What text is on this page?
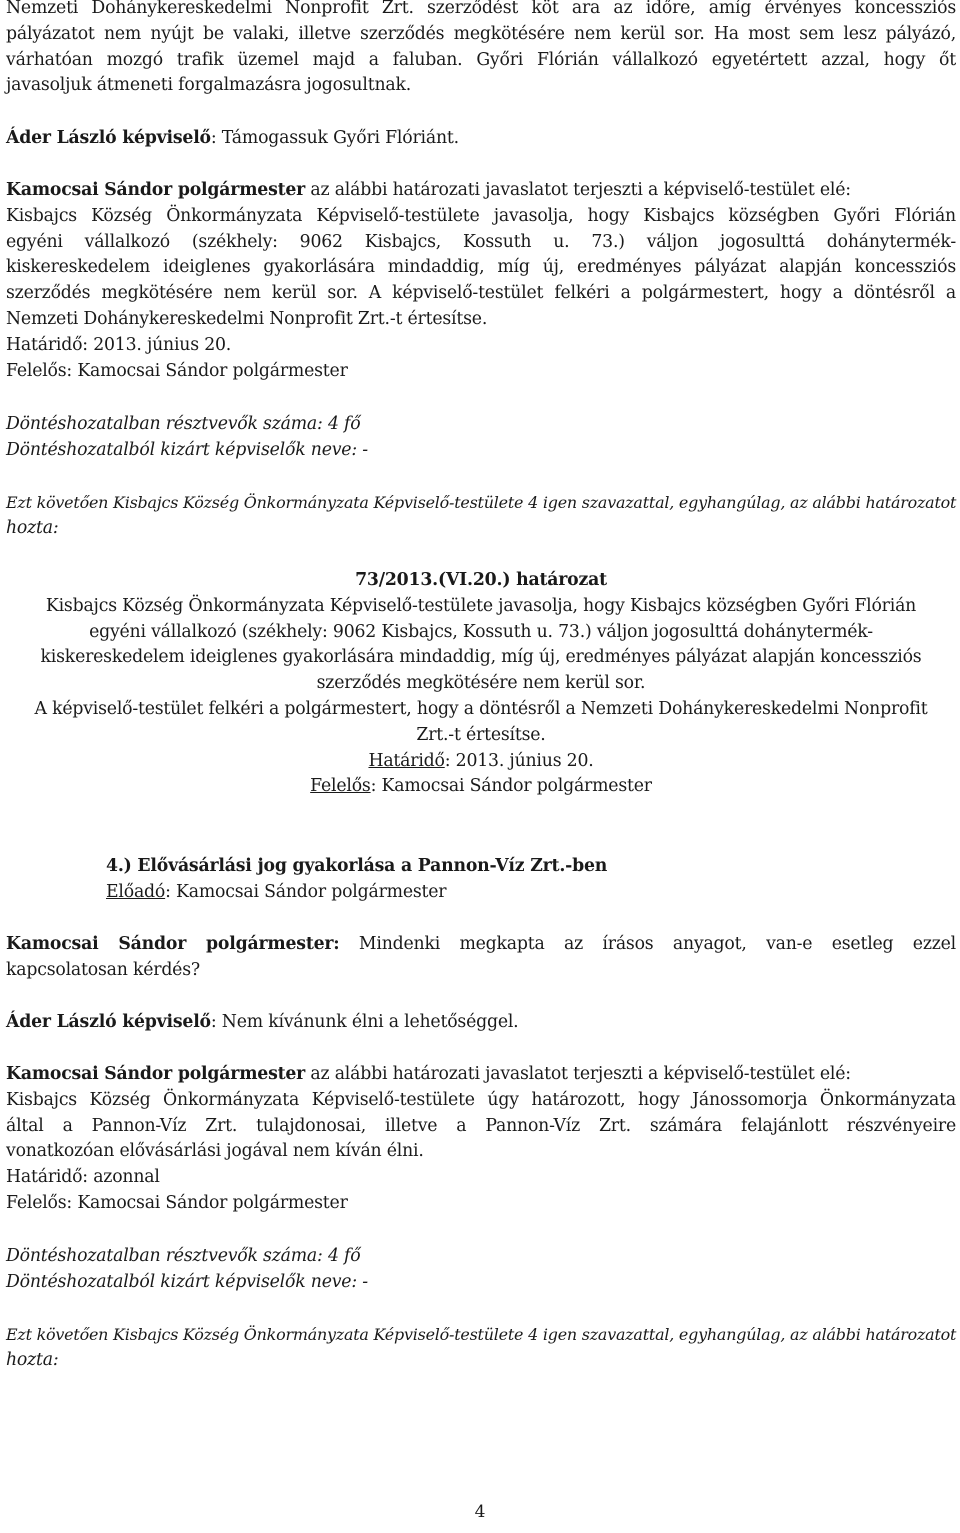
Nemzeti Dohánykereskedelmi Nonprofit Zrt. szerződést köt ara az időre, amíg érvényes koncessziós
pályázatot nem nyújt be valaki, illetve szerződés megkötésére nem kerül sor. Ha most sem lesz pályázó,
várhatóan mozgó trafik üzemel majd a faluban. Győri Flórián vállalkozó egyetértett azzal, hogy őt
javasoljuk átmeneti forgalmazásra jogosultnak.
Áder László képviselő: Támogassuk Győri Flóriánt.
Kamocsai Sándor polgármester az alábbi határozati javaslatot terjeszti a képviselő-testület elé:
Kisbajcs Község Önkormányzata Képviselő-testülete javasolja, hogy Kisbajcs községben Győri Flórián
egyéni vállalkozó (székhely: 9062 Kisbajcs, Kossuth u. 73.) váljon jogosulttá dohánytermék-
kiskereskedelem ideiglenes gyakorlására mindaddig, míg új, eredményes pályázat alapján koncessziós
szerződés megkötésére nem kerül sor. A képviselő-testület felkéri a polgármestert, hogy a döntésről a
Nemzeti Dohánykereskedelmi Nonprofit Zrt.-t értesítse.
Határidő: 2013. június 20.
Felelős: Kamocsai Sándor polgármester
Döntéshozatalban résztvevők száma: 4 fő
Döntéshozatalból kizárt képviselők neve: -
Ezt követően Kisbajcs Község Önkormányzata Képviselő-testülete 4 igen szavazattal, egyhangúlag, az alábbi határozatot
hozta:
73/2013.(VI.20.) határozat
Kisbajcs Község Önkormányzata Képviselő-testülete javasolja, hogy Kisbajcs községben Győri Flórián
egyéni vállalkozó (székhely: 9062 Kisbajcs, Kossuth u. 73.) váljon jogosulttá dohánytermék-
kiskereskedelem ideiglenes gyakorlására mindaddig, míg új, eredményes pályázat alapján koncessziós
szerződés megkötésére nem kerül sor.
A képviselő-testület felkéri a polgármestert, hogy a döntésről a Nemzeti Dohánykereskedelmi Nonprofit
Zrt.-t értesítse.
Határidő: 2013. június 20.
Felelős: Kamocsai Sándor polgármester
4.) Elővásárlási jog gyakorlása a Pannon-Víz Zrt.-ben
Előadó: Kamocsai Sándor polgármester
Kamocsai Sándor polgármester: Mindenki megkapta az írásos anyagot, van-e esetleg ezzel
kapcsolatosan kérdés?
Áder László képviselő: Nem kívánunk élni a lehetőséggel.
Kamocsai Sándor polgármester az alábbi határozati javaslatot terjeszti a képviselő-testület elé:
Kisbajcs Község Önkormányzata Képviselő-testülete úgy határozott, hogy Jánossomorja Önkormányzata
által a Pannon-Víz Zrt. tulajdonosai, illetve a Pannon-Víz Zrt. számára felajánlott részvényeire
vonatkozóan elővásárlási jogával nem kíván élni.
Határidő: azonnal
Felelős: Kamocsai Sándor polgármester
Döntéshozatalban résztvevők száma: 4 fő
Döntéshozatalból kizárt képviselők neve: -
Ezt követően Kisbajcs Község Önkormányzata Képviselő-testülete 4 igen szavazattal, egyhangúlag, az alábbi határozatot
hozta:
4
